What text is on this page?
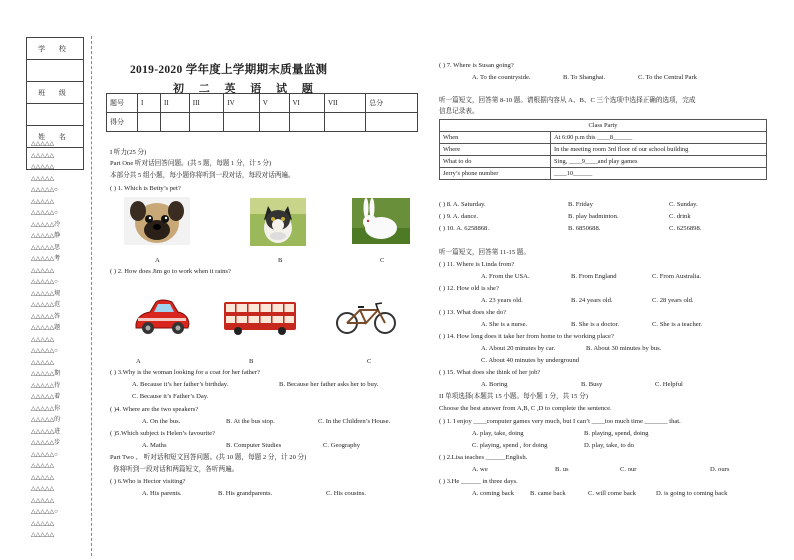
学 校

班 级

姓 名

△△△△△
△△△△△
△△△△△
△△△△△
△△△△△○
△△△△△
△△△△△○
△△△△△冷
△△△△△静
△△△△△思
△△△△△考
△△△△△
△△△△△○
△△△△△规
△△△△△范
△△△△△答
△△△△△题
△△△△△
△△△△△○
△△△△△
△△△△△期
△△△△△待
△△△△△着
△△△△△你
△△△△△的
△△△△△进
△△△△△步
△△△△△○
△△△△△
△△△△△
△△△△△
△△△△△
△△△△△○
△△△△△
△△△△△
2019-2020 学年度上学期期末质量监测
初 二 英 语 试 题
题号	I	II	III	IV	V	VI	VII	总分
得分								
I 听力(25 分)
Part One 听对话回答问题。(共 5 题，每题 1 分，计 5 分)
本部分共 5 组小题，每小题你将听到一段对话，每段对话两遍。
( ) 1. Which is Betty’s pet?
A	B	C
( ) 2. How does Jim go to work when it rains?
A	B	C
( ) 3.Why is the woman looking for a coat for her father?
A. Because it’s her father’s birthday.	B. Because her father asks her to buy.
C. Because it’s Father’s Day.
( )4. Where are the two speakers?
A. On the bus.	B. At the bus stop.	C. In the Children’s House.
( )5.Which subject is Helen’s favourite?
A. Maths	B. Computer Studies	C. Geography
Part Two 、 听对话和短文回答问题。(共 10 题，每题 2 分，计 20 分)
你将听到一段对话和两篇短文，各听两遍。
( ) 6.Who is Hector visiting?
A. His parents.	B. His grandparents.	C. His cousins.
( ) 7. Where is Susan going?
A. To the countryside.	B. To Shanghai.	C. To the Central Park
听一篇短文，回答第 8-10 题。请根据内容从 A、B、C 三个选项中选择正确的选项，完成
信息记录表。
Class Party	
When	At 6:00 p.m this ____8______
Where	In the meeting room 3rd floor of our school building
What to do	Sing, ____9____and play games
Jerry’s phone number	____10______
( ) 8. A. Saturday.	B. Friday	C. Sunday.
( ) 9. A. dance.	B. play badminton.	C. drink
( ) 10. A. 6258868.	B. 6850688.	C. 6256898.
听一篇短文，回答第 11-15 题。
( ) 11. Where is Linda from?
A. From the USA.	B. From England	C. From Australia.
( ) 12. How old is she?
A. 23 years old.	B. 24 years old.	C. 28 years old.
( ) 13. What does she do?
A. She is a nurse.	B. She is a doctor.	C. She is a teacher.
( ) 14. How long does it take her from home to the working place?
A. About 20 minutes by car.	B. About 30 minutes by bus.
C. About 40 minutes by underground
( ) 15. What does she think of her job?
A. Boring	B. Busy	C. Helpful
II 单项选择(本题共 15 小题。每小题 1 分，共 15 分)
Choose the best answer from A,B, C ,D to complete the sentence.
( ) 1. I enjoy ____computer games very much, but I can’t ____too much time _______ that.
A. play, take, doing	B. playing, spend, doing
C. playing, spend , for doing	D. play, take, to do
( ) 2.Lisa teaches ______English.
A. we	B. us	C. our	D. ours
( ) 3.He ______ in three days.
A. coming back B. came back	C. will come back	D. is going to coming back
